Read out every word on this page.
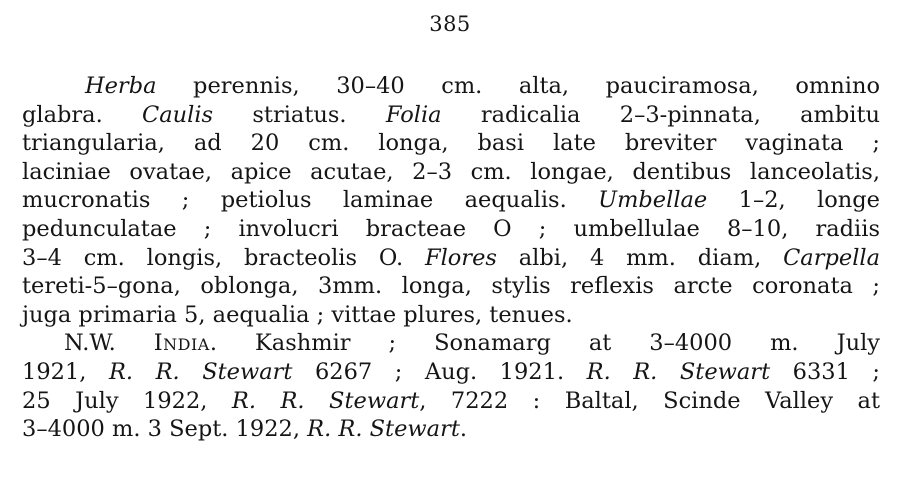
385
Herba perennis, 30–40 cm. alta, pauciramosa, omnino
glabra. Caulis striatus. Folia radicalia 2–3-pinnata, ambitu
triangularia, ad 20 cm. longa, basi late breviter vaginata ;
laciniae ovatae, apice acutae, 2–3 cm. longae, dentibus lanceolatis,
mucronatis ; petiolus laminae aequalis. Umbellae 1–2, longe
pedunculatae ; involucri bracteae O ; umbellulae 8–10, radiis
3–4 cm. longis, bracteolis O. Flores albi, 4 mm. diam, Carpella
tereti-5–gona, oblonga, 3mm. longa, stylis reflexis arcte coronata ;
juga primaria 5, aequalia ; vittae plures, tenues.
N.W. India. Kashmir ; Sonamarg at 3–4000 m. July
1921, R. R. Stewart 6267 ; Aug. 1921. R. R. Stewart 6331 ;
25 July 1922, R. R. Stewart, 7222 : Baltal, Scinde Valley at
3–4000 m. 3 Sept. 1922, R. R. Stewart.
